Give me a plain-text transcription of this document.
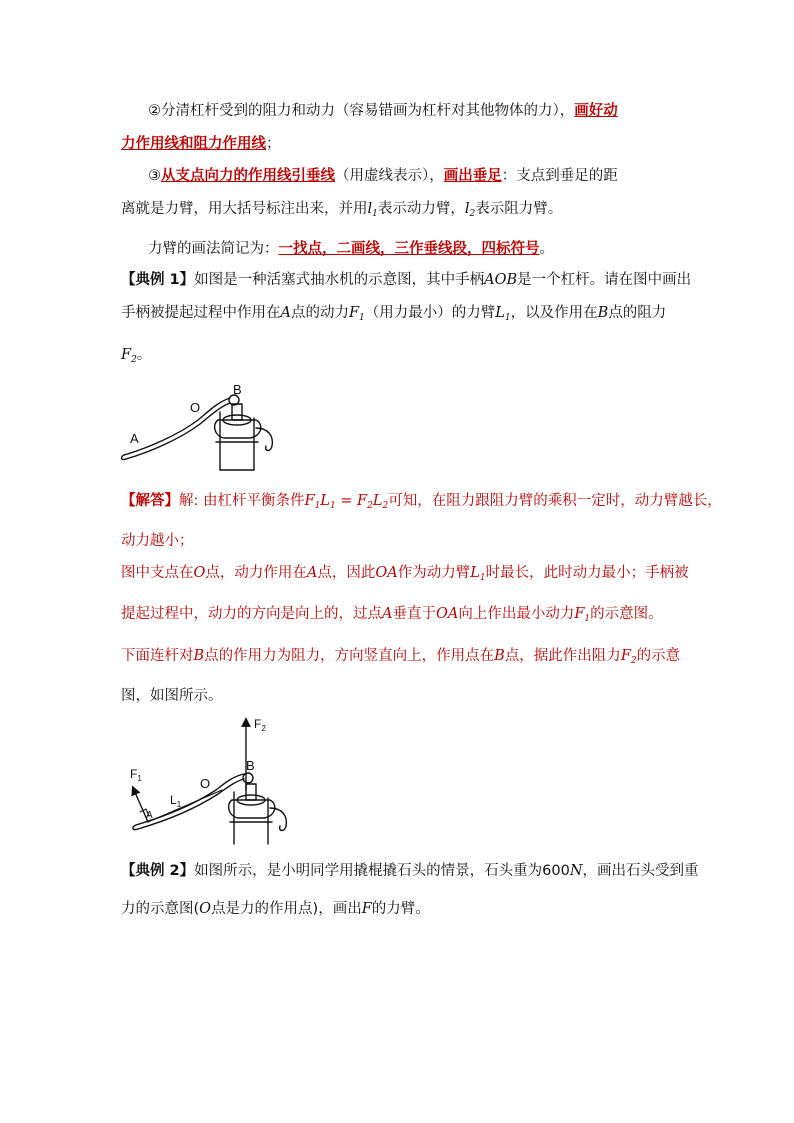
②分清杠杆受到的阻力和动力（容易错画为杠杆对其他物体的力），画好动
力作用线和阻力作用线；
③从支点向力的作用线引垂线（用虚线表示），画出垂足：支点到垂足的距
离就是力臂，用大括号标注出来，并用$l_1$表示动力臂，$l_2$表示阻力臂。
力臂的画法简记为：一找点，二画线，三作垂线段，四标符号。
【典例 1】如图是一种活塞式抽水机的示意图，其中手柄AOB是一个杠杆。请在图中画出
手柄被提起过程中作用在A点的动力$F_1$（用力最小）的力臂$L_1$，以及作用在B点的阻力
$F_2$。
B
O
A
【解答】解: 由杠杆平衡条件$F_1L_1 = F_2L_2$可知，在阻力跟阻力臂的乘积一定时，动力臂越长，
动力越小；
图中支点在O点，动力作用在A点，因此OA作为动力臂$L_1$时最长，此时动力最小；手柄被
提起过程中，动力的方向是向上的，过点A垂直于OA向上作出最小动力$F_1$的示意图。
下面连杆对B点的作用力为阻力，方向竖直向上，作用点在B点，据此作出阻力$F_2$的示意
图，如图所示。
$F_2$
B
O
$F_1$
$L_1$
A
【典例 2】如图所示，是小明同学用撬棍撬石头的情景，石头重为600N，画出石头受到重
力的示意图(O点是力的作用点)，画出F的力臂。
